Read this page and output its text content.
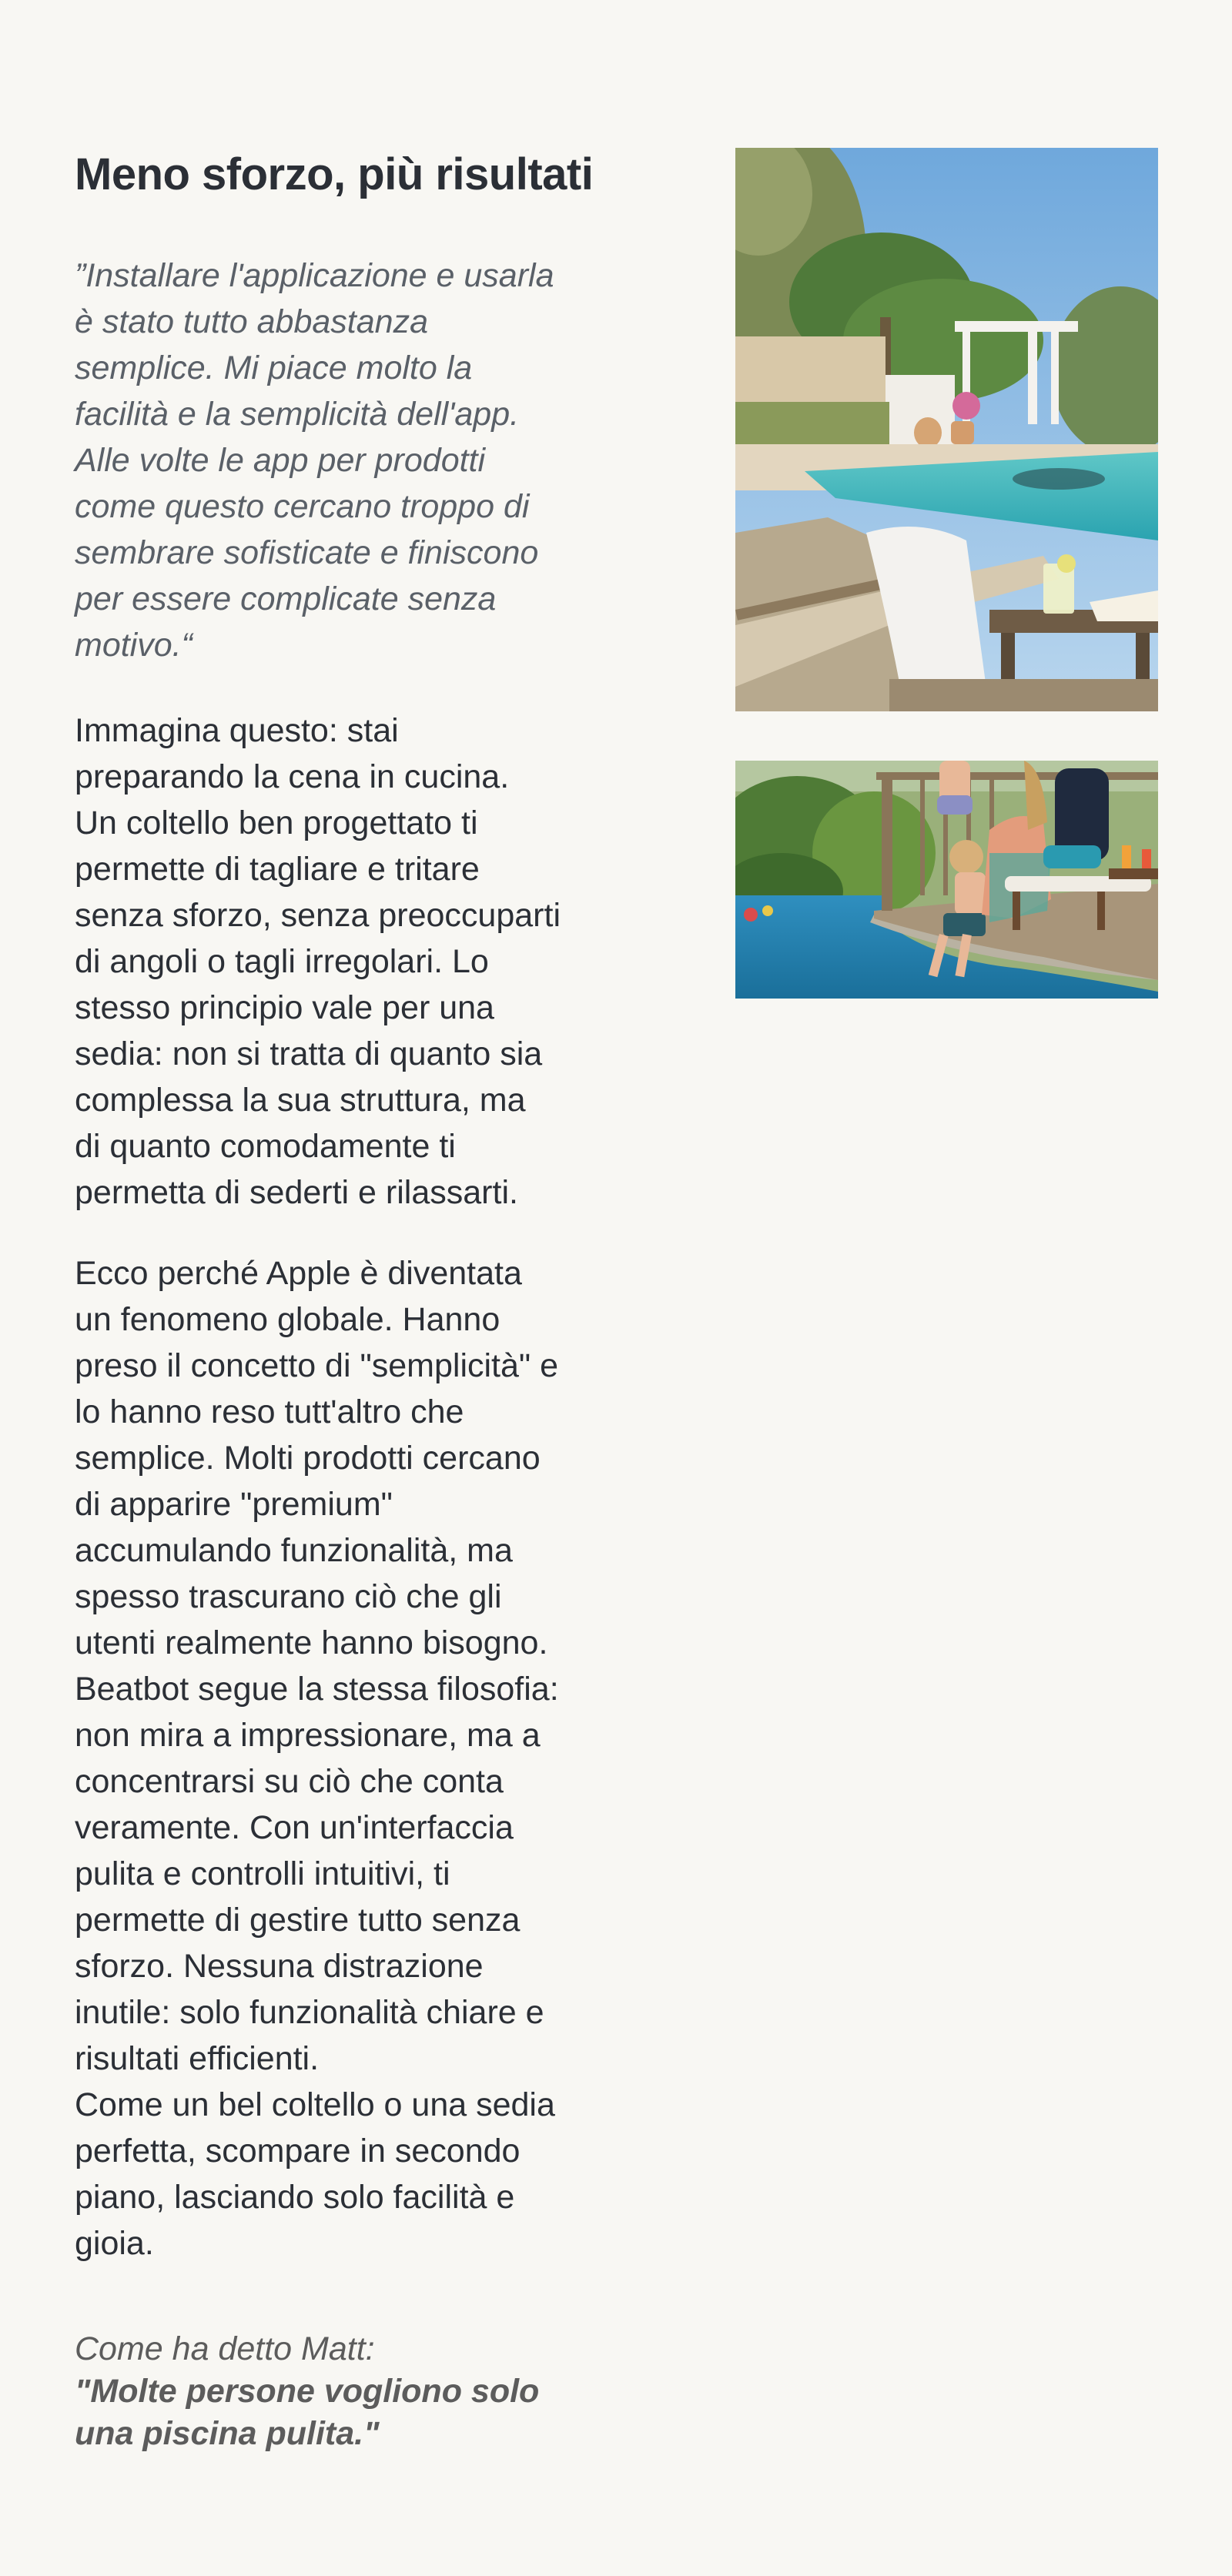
Meno sforzo, più risultati
”Installare l'applicazione e usarla
è stato tutto abbastanza
semplice. Mi piace molto la
facilità e la semplicità dell'app.
Alle volte le app per prodotti
come questo cercano troppo di
sembrare sofisticate e finiscono
per essere complicate senza
motivo.“

Immagina questo: stai
preparando la cena in cucina.
Un coltello ben progettato ti
permette di tagliare e tritare
senza sforzo, senza preoccuparti
di angoli o tagli irregolari. Lo
stesso principio vale per una
sedia: non si tratta di quanto sia
complessa la sua struttura, ma
di quanto comodamente ti
permetta di sederti e rilassarti.

Ecco perché Apple è diventata
un fenomeno globale. Hanno
preso il concetto di "semplicità" e
lo hanno reso tutt'altro che
semplice. Molti prodotti cercano
di apparire "premium"
accumulando funzionalità, ma
spesso trascurano ciò che gli
utenti realmente hanno bisogno.
Beatbot segue la stessa filosofia:
non mira a impressionare, ma a
concentrarsi su ciò che conta
veramente. Con un'interfaccia
pulita e controlli intuitivi, ti
permette di gestire tutto senza
sforzo. Nessuna distrazione
inutile: solo funzionalità chiare e
risultati efficienti.
Come un bel coltello o una sedia
perfetta, scompare in secondo
piano, lasciando solo facilità e
gioia.

Come ha detto Matt:
"Molte persone vogliono solo
una piscina pulita."
